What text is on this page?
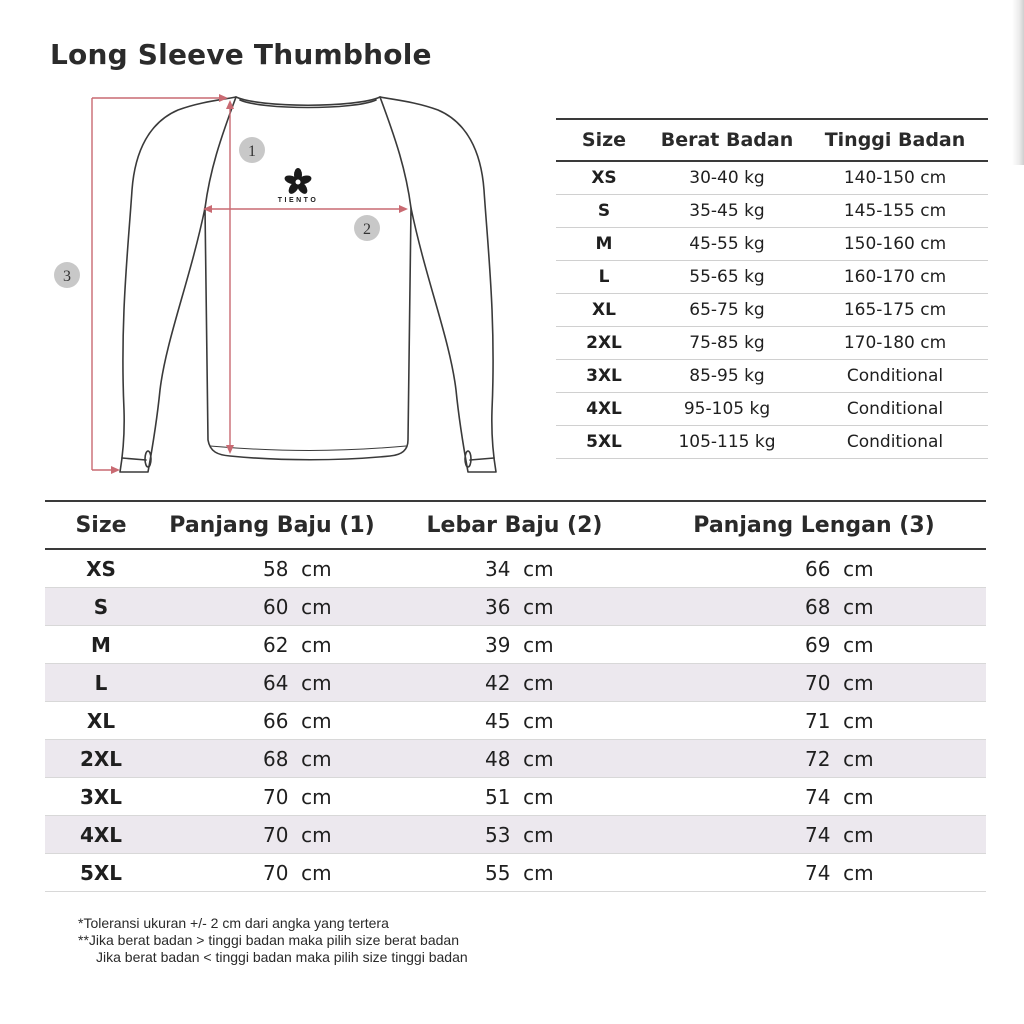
Long Sleeve Thumbhole
TIENTO
1
2
3
Size	Berat Badan	Tinggi Badan
XS	30-40 kg	140-150 cm
S	35-45 kg	145-155 cm
M	45-55 kg	150-160 cm
L	55-65 kg	160-170 cm
XL	65-75 kg	165-175 cm
2XL	75-85 kg	170-180 cm
3XL	85-95 kg	Conditional
4XL	95-105 kg	Conditional
5XL	105-115 kg	Conditional
Size	Panjang Baju (1)	Lebar Baju (2)	Panjang Lengan (3)
XS	58  cm	34  cm	66  cm
S	60  cm	36  cm	68  cm
M	62  cm	39  cm	69  cm
L	64  cm	42  cm	70  cm
XL	66  cm	45  cm	71  cm
2XL	68  cm	48  cm	72  cm
3XL	70  cm	51  cm	74  cm
4XL	70  cm	53  cm	74  cm
5XL	70  cm	55  cm	74  cm
*Toleransi ukuran +/- 2 cm dari angka yang tertera
**Jika berat badan > tinggi badan maka pilih size berat badan
Jika berat badan < tinggi badan maka pilih size tinggi badan
